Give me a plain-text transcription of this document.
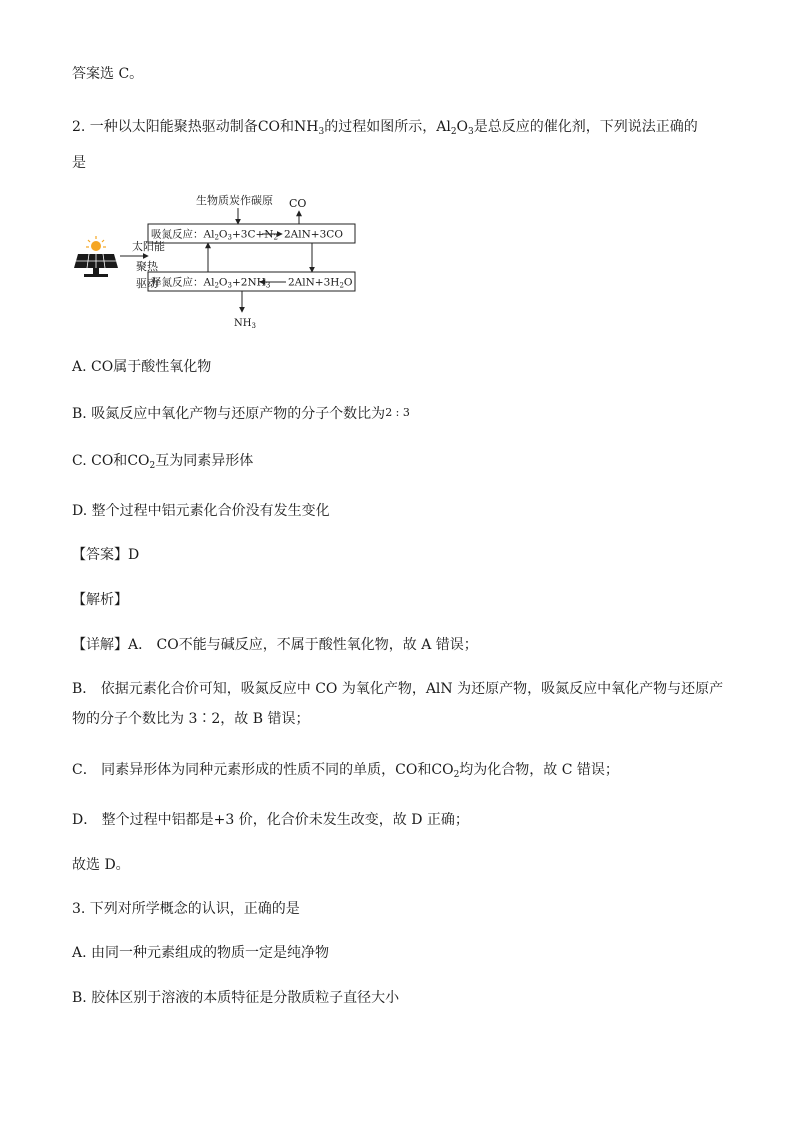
答案选 C。
2. 一种以太阳能聚热驱动制备CO和$NH_3$的过程如图所示，$Al_2O_3$是总反应的催化剂，下列说法正确的
是
太阳能
聚热
驱动
生物质炭作碳原 CO
吸氮反应：Al2O3+3C+N2 2AlN+3CO
释氮反应：Al2O3+2NH3 2AlN+3H2O
$NH_3$
A. CO属于酸性氧化物
B. 吸氮反应中氧化产物与还原产物的分子个数比为2 : 3
C. CO和$CO_2$互为同素异形体
D. 整个过程中铝元素化合价没有发生变化
【答案】D
【解析】
【详解】A． CO不能与碱反应，不属于酸性氧化物，故 A 错误；
B． 依据元素化合价可知，吸氮反应中 CO 为氧化产物，AlN 为还原产物，吸氮反应中氧化产物与还原产
物的分子个数比为 3∶2，故 B 错误；
C． 同素异形体为同种元素形成的性质不同的单质，CO和$CO_2$均为化合物，故 C 错误；
D． 整个过程中铝都是+3 价，化合价未发生改变，故 D 正确；
故选 D。
3. 下列对所学概念的认识，正确的是
A. 由同一种元素组成的物质一定是纯净物
B. 胶体区别于溶液的本质特征是分散质粒子直径大小
